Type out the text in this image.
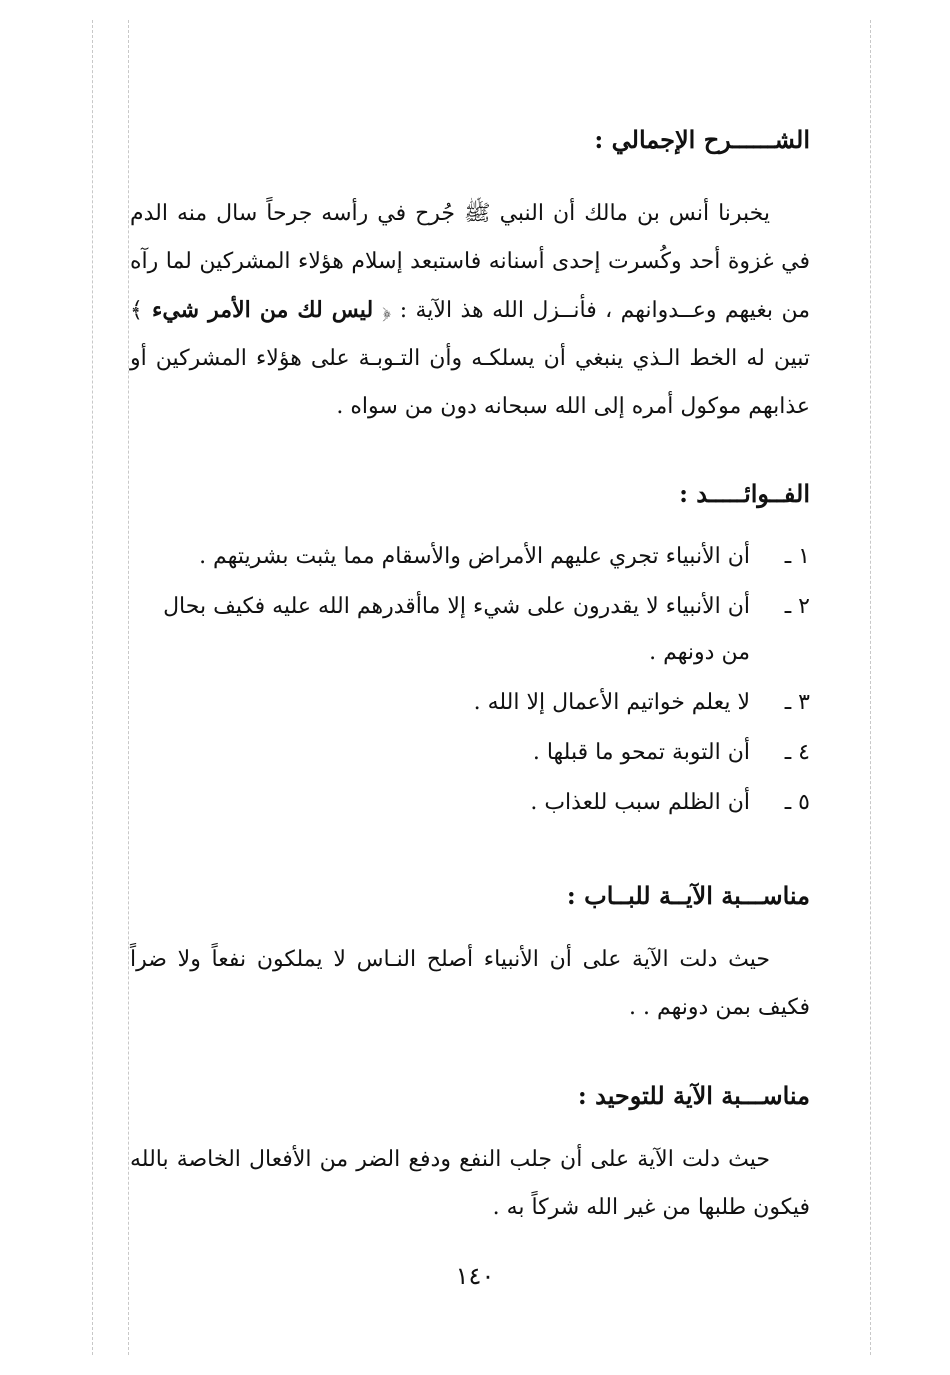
الشــــــرح الإجمالي :

يخبرنا أنس بن مالك أن النبي ﷺ جُرح في رأسه جرحاً سال منه الدم في غزوة أحد وكُسرت إحدى أسنانه فاستبعد إسلام هؤلاء المشركين لما رآه من بغيهم وعــدوانهم ، فأنــزل الله هذ الآية : ﴿ ليس لك من الأمر شيء ﴾ تبين له الخط الـذي ينبغي أن يسلكـه وأن التـوبـة على هؤلاء المشركين أو عذابهم موكول أمره إلى الله سبحانه دون من سواه .

الفــوائـــــد :
١ ـ
أن الأنبياء تجري عليهم الأمراض والأسقام مما يثبت بشريتهم .
٢ ـ
أن الأنبياء لا يقدرون على شيء إلا ماأقدرهم الله عليه فكيف بحال من دونهم .
٣ ـ
لا يعلم خواتيم الأعمال إلا الله .
٤ ـ
أن التوبة تمحو ما قبلها .
٥ ـ
أن الظلم سبب للعذاب .
مناســـبة الآيــة للبــاب :

حيث دلت الآية على أن الأنبياء أصلح النـاس لا يملكون نفعاً ولا ضراً فكيف بمن دونهم . .

مناســـبة الآية للتوحيد :

حيث دلت الآية على أن جلب النفع ودفع الضر من الأفعال الخاصة بالله فيكون طلبها من غير الله شركاً به .

١٤٠
